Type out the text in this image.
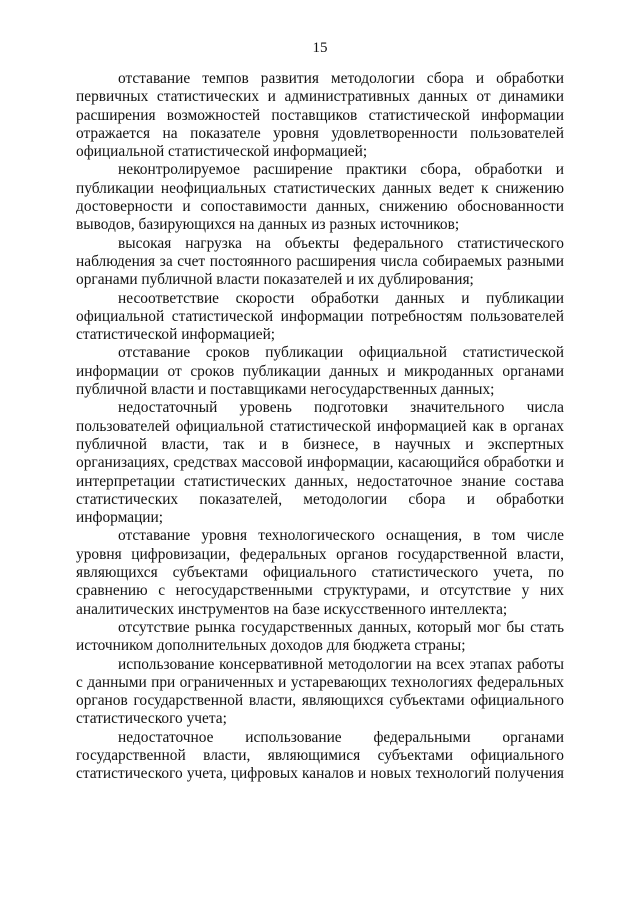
15

отставание темпов развития методологии сбора и обработки первичных статистических и административных данных от динамики расширения возможностей поставщиков статистической информации отражается на показателе уровня удовлетворенности пользователей официальной статистической информацией;

неконтролируемое расширение практики сбора, обработки и публикации неофициальных статистических данных ведет к снижению достоверности и сопоставимости данных, снижению обоснованности выводов, базирующихся на данных из разных источников;

высокая нагрузка на объекты федерального статистического наблюдения за счет постоянного расширения числа собираемых разными органами публичной власти показателей и их дублирования;

несоответствие скорости обработки данных и публикации официальной статистической информации потребностям пользователей статистической информацией;

отставание сроков публикации официальной статистической информации от сроков публикации данных и микроданных органами публичной власти и поставщиками негосударственных данных;

недостаточный уровень подготовки значительного числа пользователей официальной статистической информацией как в органах публичной власти, так и в бизнесе, в научных и экспертных организациях, средствах массовой информации, касающийся обработки и интерпретации статистических данных, недостаточное знание состава статистических показателей, методологии сбора и обработки информации;

отставание уровня технологического оснащения, в том числе уровня цифровизации, федеральных органов государственной власти, являющихся субъектами официального статистического учета, по сравнению с негосударственными структурами, и отсутствие у них аналитических инструментов на базе искусственного интеллекта;

отсутствие рынка государственных данных, который мог бы стать источником дополнительных доходов для бюджета страны;

использование консервативной методологии на всех этапах работы с данными при ограниченных и устаревающих технологиях федеральных органов государственной власти, являющихся субъектами официального статистического учета;

недостаточное использование федеральными органами государственной власти, являющимися субъектами официального статистического учета, цифровых каналов и новых технологий получения
